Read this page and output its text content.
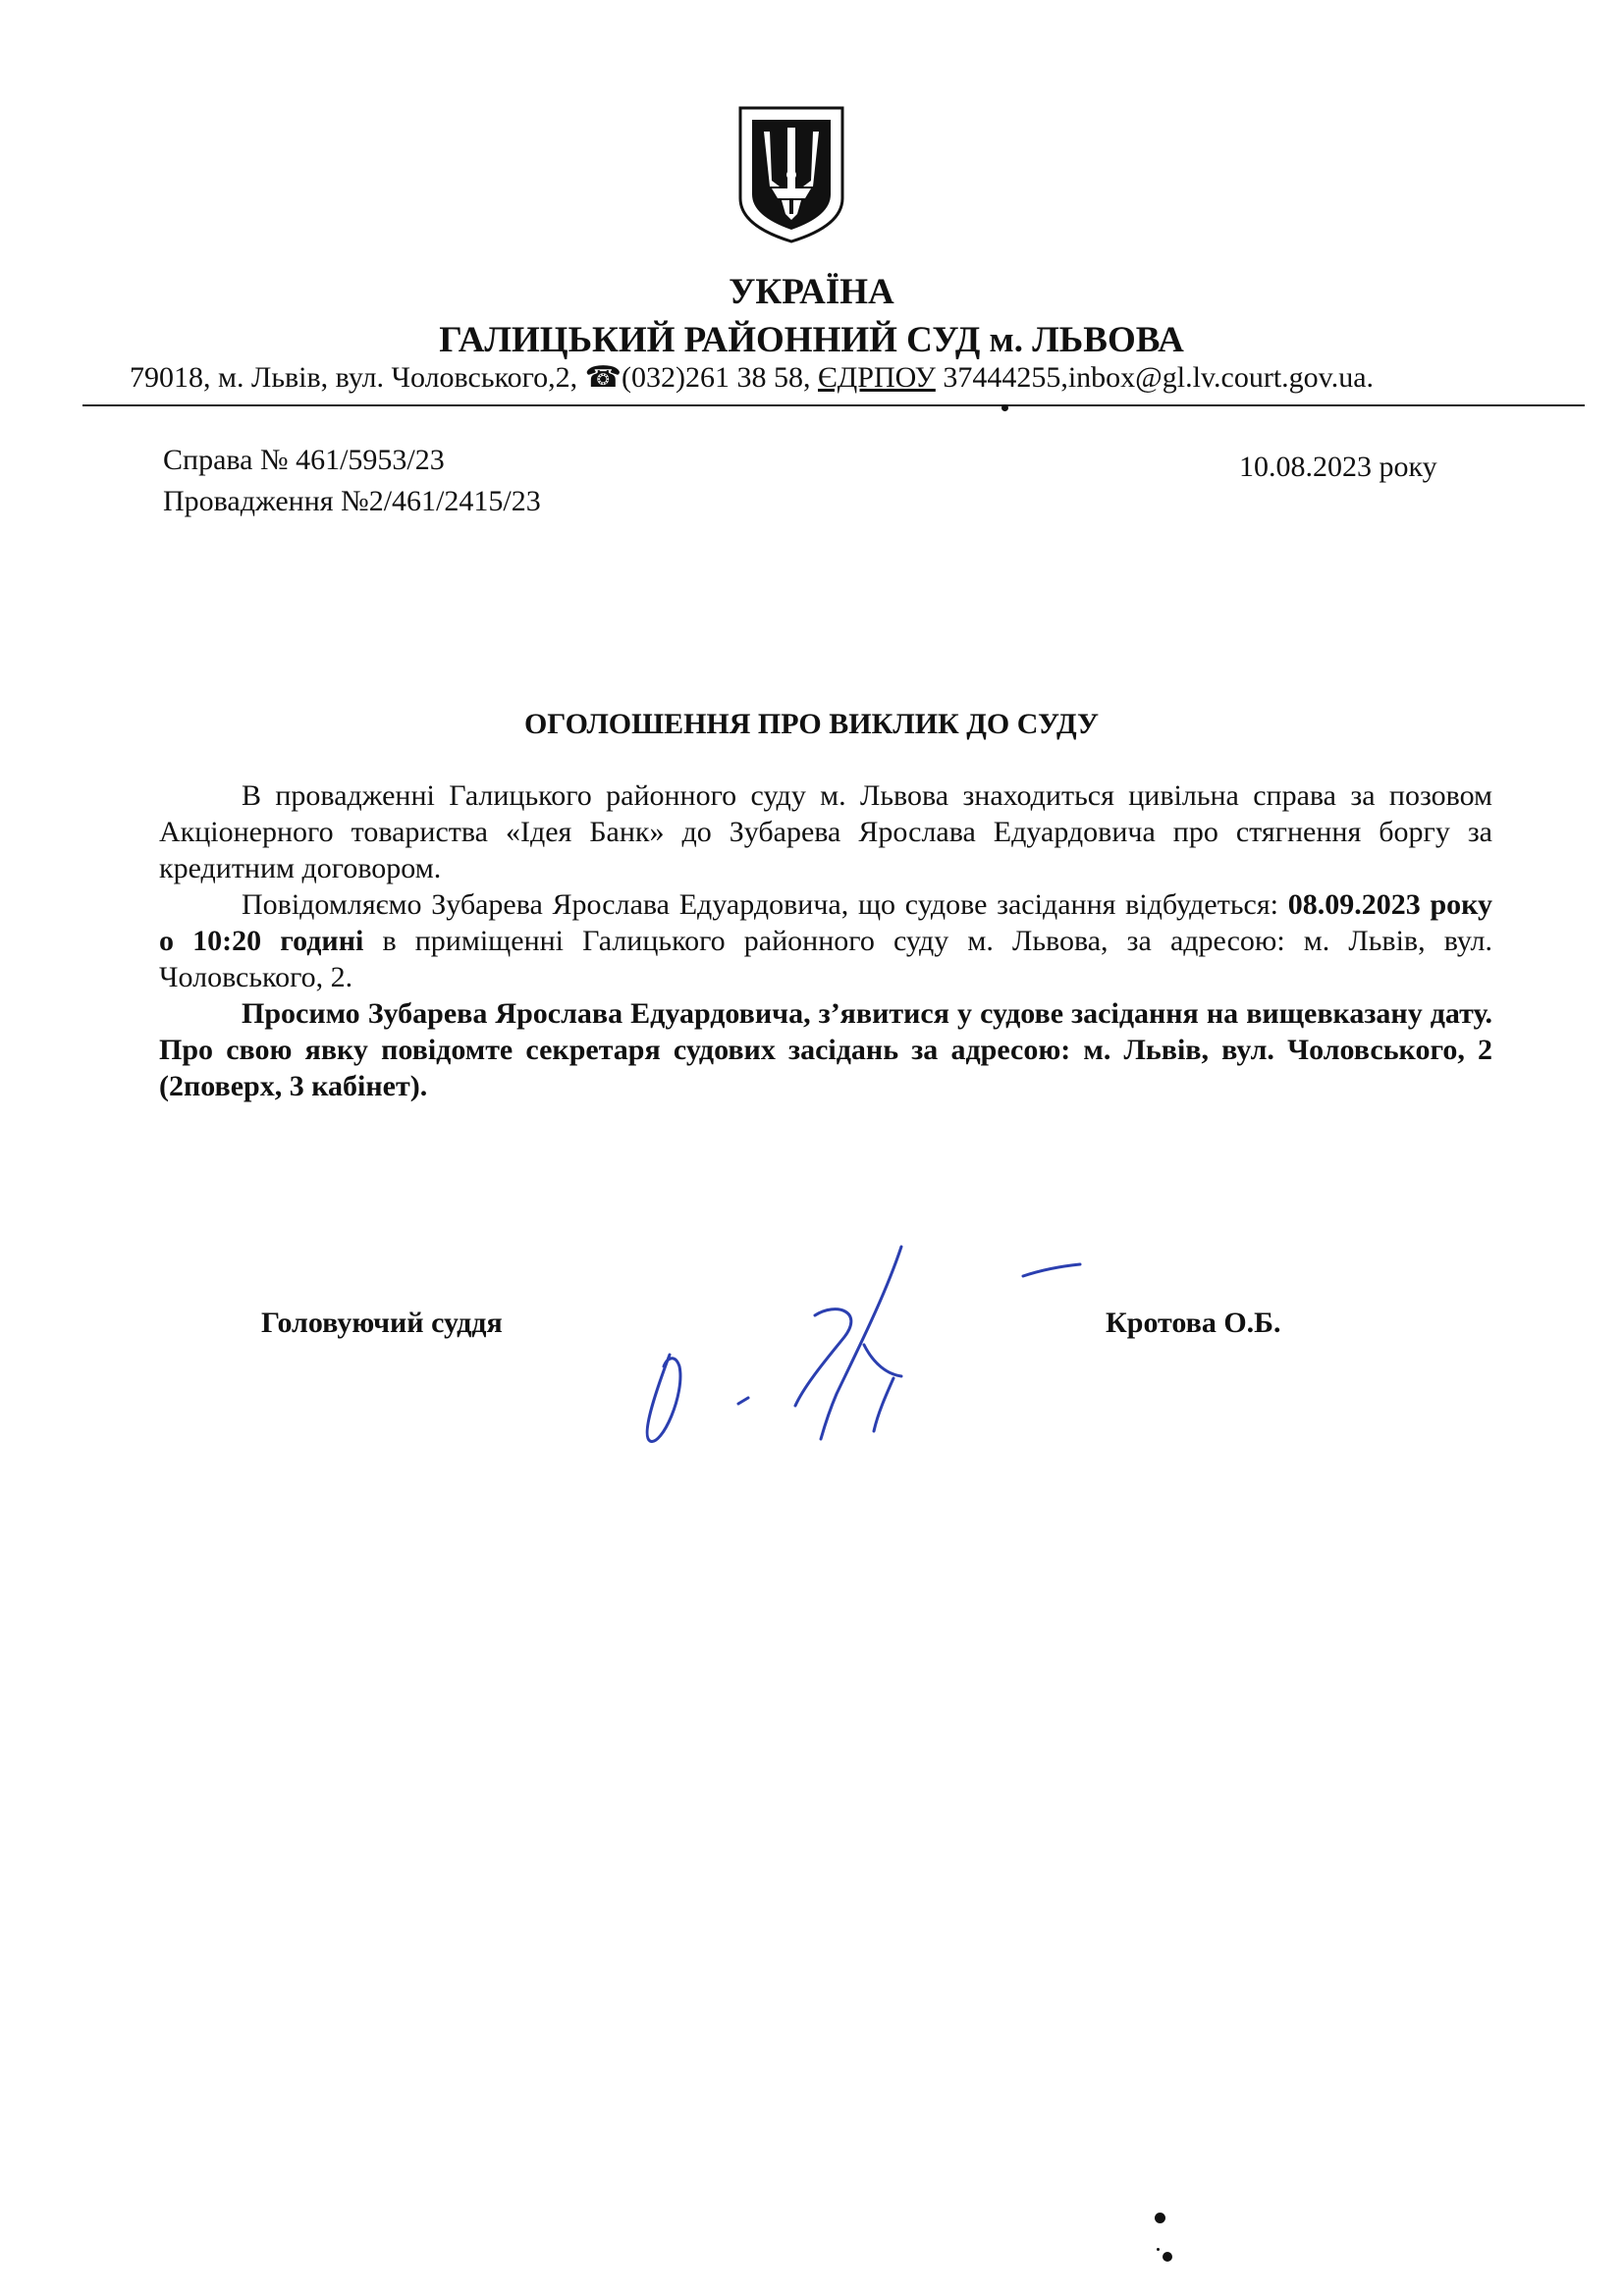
УКРАЇНА
ГАЛИЦЬКИЙ РАЙОННИЙ СУД м. ЛЬВОВА
79018, м. Львів, вул. Чоловського,2, ☎(032)261 38 58, ЄДРПОУ 37444255,inbox@gl.lv.court.gov.ua.
Справа № 461/5953/23
Провадження №2/461/2415/23
10.08.2023 року
ОГОЛОШЕННЯ ПРО ВИКЛИК ДО СУДУ

В провадженні Галицького районного суду м. Львова знаходиться цивільна справа за позовом Акціонерного товариства «Ідея Банк» до Зубарева Ярослава Едуардовича про стягнення боргу за кредитним договором.

Повідомляємо Зубарева Ярослава Едуардовича, що судове засідання відбудеться: 08.09.2023 року о 10:20 годині в приміщенні Галицького районного суду м. Львова, за адресою: м. Львів, вул. Чоловського, 2.

Просимо Зубарева Ярослава Едуардовича, з’явитися у судове засідання на вищевказану дату. Про свою явку повідомте секретаря судових засідань за адресою: м. Львів, вул. Чоловського, 2 (2поверх, 3 кабінет).

Головуючий суддя	Кротова О.Б.
